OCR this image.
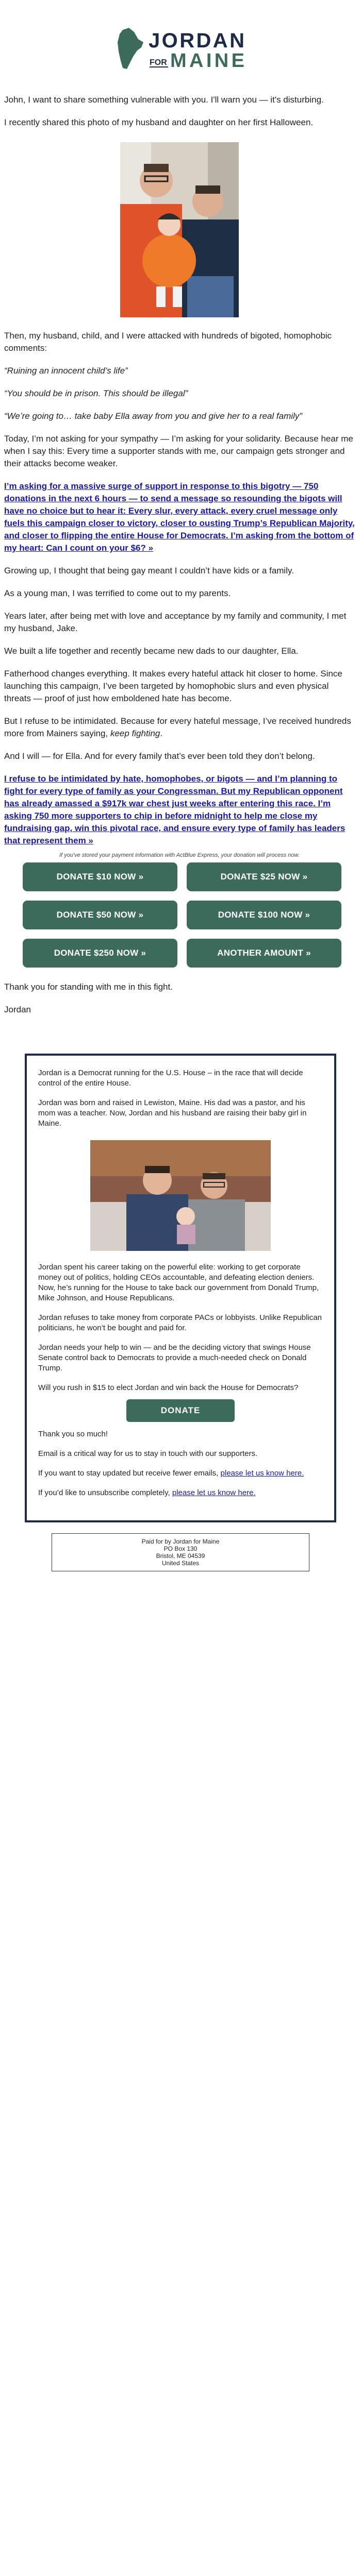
JORDAN
FOR MAINE

John, I want to share something vulnerable with you. I'll warn you — it's disturbing.

I recently shared this photo of my husband and daughter on her first Halloween.

Then, my husband, child, and I were attacked with hundreds of bigoted, homophobic comments:

“Ruining an innocent child’s life”

“You should be in prison. This should be illegal”

“We’re going to… take baby Ella away from you and give her to a real family”

Today, I’m not asking for your sympathy — I’m asking for your solidarity. Because hear me when I say this: Every time a supporter stands with me, our campaign gets stronger and their attacks become weaker.

I’m asking for a massive surge of support in response to this bigotry — 750 donations in the next 6 hours — to send a message so resounding the bigots will have no choice but to hear it: Every slur, every attack, every cruel message only fuels this campaign closer to victory, closer to ousting Trump’s Republican Majority, and closer to flipping the entire House for Democrats. I’m asking from the bottom of my heart: Can I count on your $6? »

Growing up, I thought that being gay meant I couldn’t have kids or a family.

As a young man, I was terrified to come out to my parents.

Years later, after being met with love and acceptance by my family and community, I met my husband, Jake.

We built a life together and recently became new dads to our daughter, Ella.

Fatherhood changes everything. It makes every hateful attack hit closer to home. Since launching this campaign, I’ve been targeted by homophobic slurs and even physical threats — proof of just how emboldened hate has become.

But I refuse to be intimidated. Because for every hateful message, I’ve received hundreds more from Mainers saying, keep fighting.

And I will — for Ella. And for every family that’s ever been told they don’t belong.

I refuse to be intimidated by hate, homophobes, or bigots — and I’m planning to fight for every type of family as your Congressman. But my Republican opponent has already amassed a $917k war chest just weeks after entering this race. I’m asking 750 more supporters to chip in before midnight to help me close my fundraising gap, win this pivotal race, and ensure every type of family has leaders that represent them »

If you've stored your payment information with ActBlue Express, your donation will process now.
DONATE $10 NOW »	DONATE $25 NOW »
DONATE $50 NOW »	DONATE $100 NOW »
DONATE $250 NOW »	ANOTHER AMOUNT »

Thank you for standing with me in this fight.

Jordan

Jordan is a Democrat running for the U.S. House – in the race that will decide control of the entire House.

Jordan was born and raised in Lewiston, Maine. His dad was a pastor, and his mom was a teacher. Now, Jordan and his husband are raising their baby girl in Maine.

Jordan spent his career taking on the powerful elite: working to get corporate money out of politics, holding CEOs accountable, and defeating election deniers. Now, he’s running for the House to take back our government from Donald Trump, Mike Johnson, and House Republicans.

Jordan refuses to take money from corporate PACs or lobbyists. Unlike Republican politicians, he won’t be bought and paid for.

Jordan needs your help to win — and be the deciding victory that swings House Senate control back to Democrats to provide a much-needed check on Donald Trump.

Will you rush in $15 to elect Jordan and win back the House for Democrats?

DONATE

Thank you so much!

Email is a critical way for us to stay in touch with our supporters.

If you want to stay updated but receive fewer emails, please let us know here.

If you’d like to unsubscribe completely, please let us know here.

Paid for by Jordan for Maine
PO Box 130
Bristol, ME 04539
United States
